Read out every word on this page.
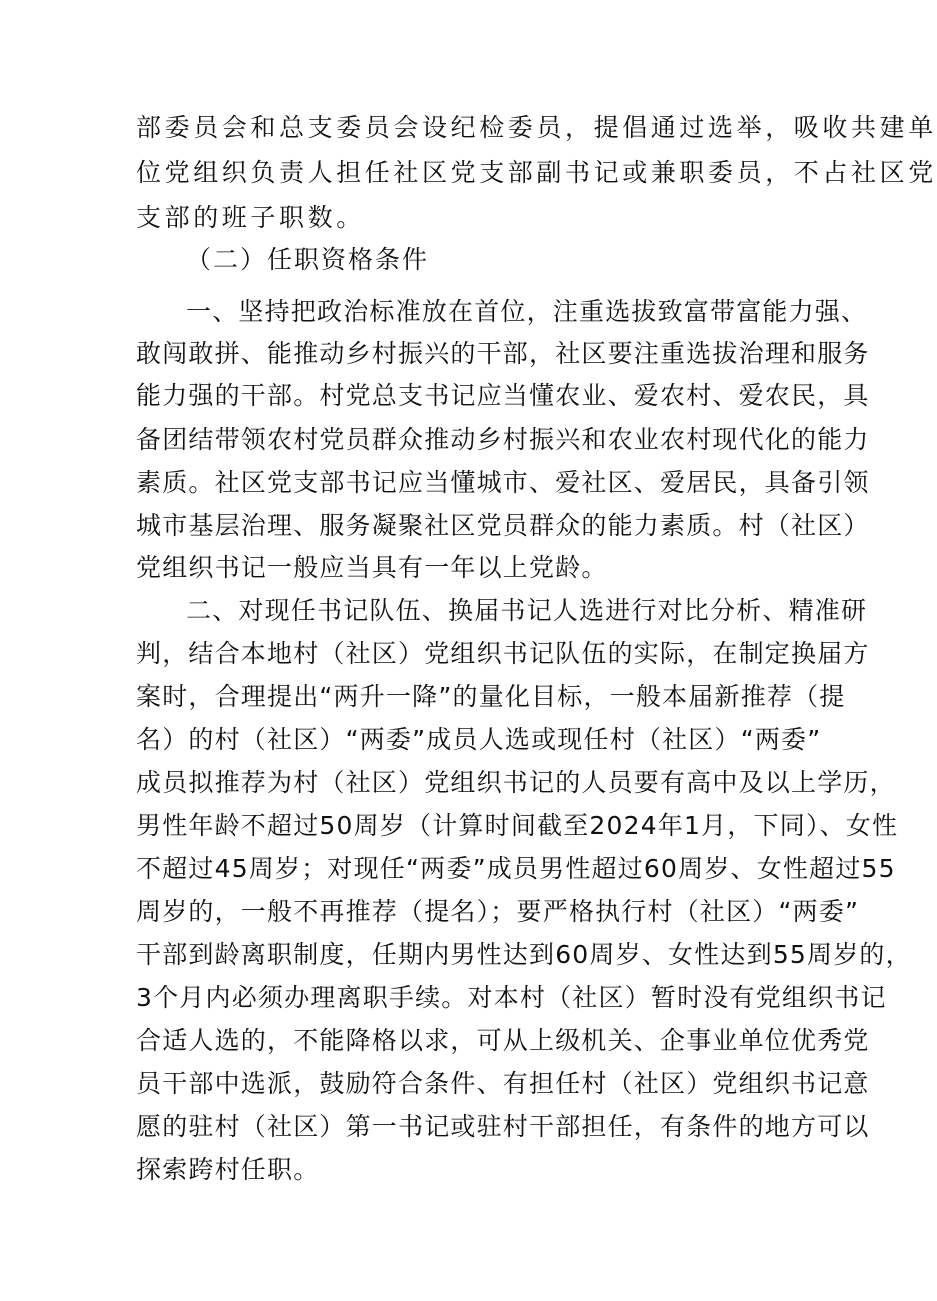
部委员会和总支委员会设纪检委员，提倡通过选举，吸收共建单
位党组织负责人担任社区党支部副书记或兼职委员，不占社区党
支部的班子职数。
（二）任职资格条件
一、坚持把政治标准放在首位，注重选拔致富带富能力强、
敢闯敢拼、能推动乡村振兴的干部，社区要注重选拔治理和服务
能力强的干部。村党总支书记应当懂农业、爱农村、爱农民，具
备团结带领农村党员群众推动乡村振兴和农业农村现代化的能力
素质。社区党支部书记应当懂城市、爱社区、爱居民，具备引领
城市基层治理、服务凝聚社区党员群众的能力素质。村（社区）
党组织书记一般应当具有一年以上党龄。
二、对现任书记队伍、换届书记人选进行对比分析、精准研
判，结合本地村（社区）党组织书记队伍的实际，在制定换届方
案时，合理提出“两升一降”的量化目标，一般本届新推荐（提
名）的村（社区）“两委”成员人选或现任村（社区）“两委”
成员拟推荐为村（社区）党组织书记的人员要有高中及以上学历，
男性年龄不超过50周岁（计算时间截至2024年1月，下同）、女性
不超过45周岁；对现任“两委”成员男性超过60周岁、女性超过55
周岁的，一般不再推荐（提名）；要严格执行村（社区）“两委”
干部到龄离职制度，任期内男性达到60周岁、女性达到55周岁的，
3个月内必须办理离职手续。对本村（社区）暂时没有党组织书记
合适人选的，不能降格以求，可从上级机关、企事业单位优秀党
员干部中选派，鼓励符合条件、有担任村（社区）党组织书记意
愿的驻村（社区）第一书记或驻村干部担任，有条件的地方可以
探索跨村任职。
